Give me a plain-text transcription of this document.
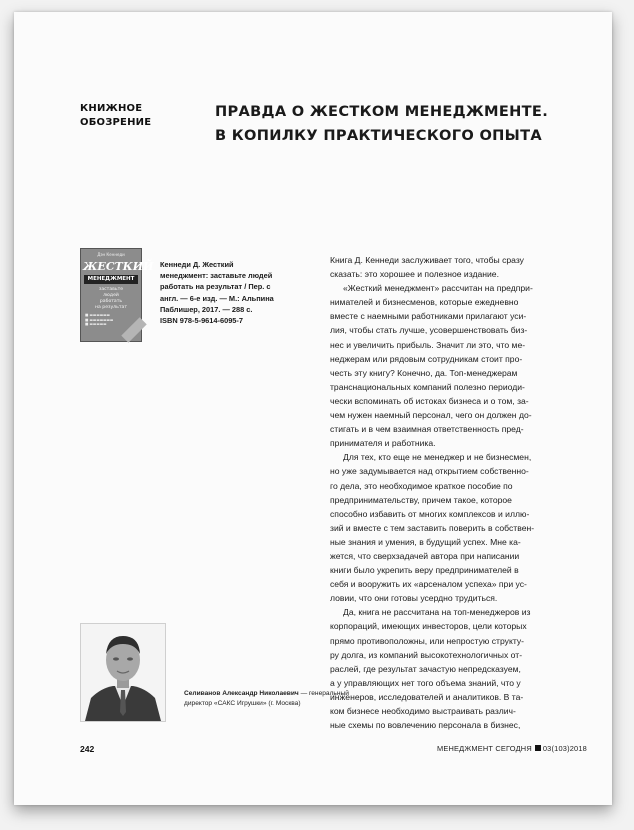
КНИЖНОЕ
ОБОЗРЕНИЕ
ПРАВДА О ЖЕСТКОМ МЕНЕДЖМЕНТЕ.
В КОПИЛКУ ПРАКТИЧЕСКОГО ОПЫТА
Дэн Кеннеди
ЖЕСТКИЙ
МЕНЕДЖМЕНТ
заставьте
людей
работать
на результат
■ ▬▬▬▬▬▬
■ ▬▬▬▬▬▬▬
■ ▬▬▬▬▬
Кеннеди Д. Жесткий
менеджмент: заставьте людей
работать на результат / Пер. с
англ. — 6-е изд. — М.: Альпина
Паблишер, 2017. — 288 с.
ISBN 978-5-9614-6095-7
Книга Д. Кеннеди заслуживает того, чтобы сразу
сказать: это хорошее и полезное издание.
«Жесткий менеджмент» рассчитан на предпри-
нимателей и бизнесменов, которые ежедневно
вместе с наемными работниками прилагают уси-
лия, чтобы стать лучше, усовершенствовать биз-
нес и увеличить прибыль. Значит ли это, что ме-
неджерам или рядовым сотрудникам стоит про-
честь эту книгу? Конечно, да. Топ-менеджерам
транснациональных компаний полезно периоди-
чески вспоминать об истоках бизнеса и о том, за-
чем нужен наемный персонал, чего он должен до-
стигать и в чем взаимная ответственность пред-
принимателя и работника.
Для тех, кто еще не менеджер и не бизнесмен,
но уже задумывается над открытием собственно-
го дела, это необходимое краткое пособие по
предпринимательству, причем такое, которое
способно избавить от многих комплексов и иллю-
зий и вместе с тем заставить поверить в собствен-
ные знания и умения, в будущий успех. Мне ка-
жется, что сверхзадачей автора при написании
книги было укрепить веру предпринимателей в
себя и вооружить их «арсеналом успеха» при ус-
ловии, что они готовы усердно трудиться.
Да, книга не рассчитана на топ-менеджеров из
корпораций, имеющих инвесторов, цели которых
прямо противоположны, или непростую структу-
ру долга, из компаний высокотехнологичных от-
раслей, где результат зачастую непредсказуем,
а у управляющих нет того объема знаний, что у
инженеров, исследователей и аналитиков. В та-
ком бизнесе необходимо выстраивать различ-
ные схемы по вовлечению персонала в бизнес,
Селиванов Александр Николаевич — генеральный
директор «САКС Игрушки» (г. Москва)
242	МЕНЕДЖМЕНТ СЕГОДНЯ 03(103)2018
